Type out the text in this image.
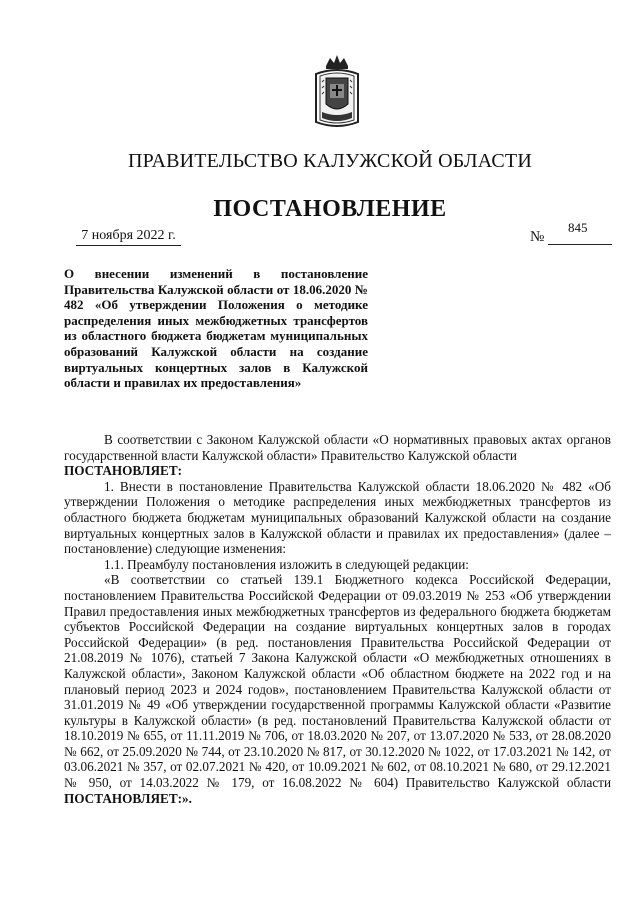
ПРАВИТЕЛЬСТВО КАЛУЖСКОЙ ОБЛАСТИ
ПОСТАНОВЛЕНИЕ
7 ноября 2022 г.	№
845
О внесении изменений в постановление Правительства Калужской области от 18.06.2020 № 482 «Об утверждении Положения о методике распределения иных межбюджетных трансфертов из областного бюджета бюджетам муниципальных образований Калужской области на создание виртуальных концертных залов в Калужской области и правилах их предоставления»

В соответствии с Законом Калужской области «О нормативных правовых актах органов государственной власти Калужской области» Правительство Калужской области

ПОСТАНОВЛЯЕТ:

1. Внести в постановление Правительства Калужской области 18.06.2020 № 482 «Об утверждении Положения о методике распределения иных межбюджетных трансфертов из областного бюджета бюджетам муниципальных образований Калужской области на создание виртуальных концертных залов в Калужской области и правилах их предоставления» (далее – постановление) следующие изменения:

1.1. Преамбулу постановления изложить в следующей редакции:

«В соответствии со статьей 139.1 Бюджетного кодекса Российской Федерации, постановлением Правительства Российской Федерации от 09.03.2019 № 253 «Об утверждении Правил предоставления иных межбюджетных трансфертов из федерального бюджета бюджетам субъектов Российской Федерации на создание виртуальных концертных залов в городах Российской Федерации» (в ред. постановления Правительства Российской Федерации от 21.08.2019 № 1076), статьей 7 Закона Калужской области «О межбюджетных отношениях в Калужской области», Законом Калужской области «Об областном бюджете на 2022 год и на плановый период 2023 и 2024 годов», постановлением Правительства Калужской области от 31.01.2019 № 49 «Об утверждении государственной программы Калужской области «Развитие культуры в Калужской области» (в ред. постановлений Правительства Калужской области от 18.10.2019 № 655, от 11.11.2019 № 706, от 18.03.2020 № 207, от 13.07.2020 № 533, от 28.08.2020 № 662, от 25.09.2020 № 744, от 23.10.2020 № 817, от 30.12.2020 № 1022, от 17.03.2021 № 142, от 03.06.2021 № 357, от 02.07.2021 № 420, от 10.09.2021 № 602, от 08.10.2021 № 680, от 29.12.2021 № 950, от 14.03.2022 № 179, от 16.08.2022 № 604) Правительство Калужской области ПОСТАНОВЛЯЕТ:».
